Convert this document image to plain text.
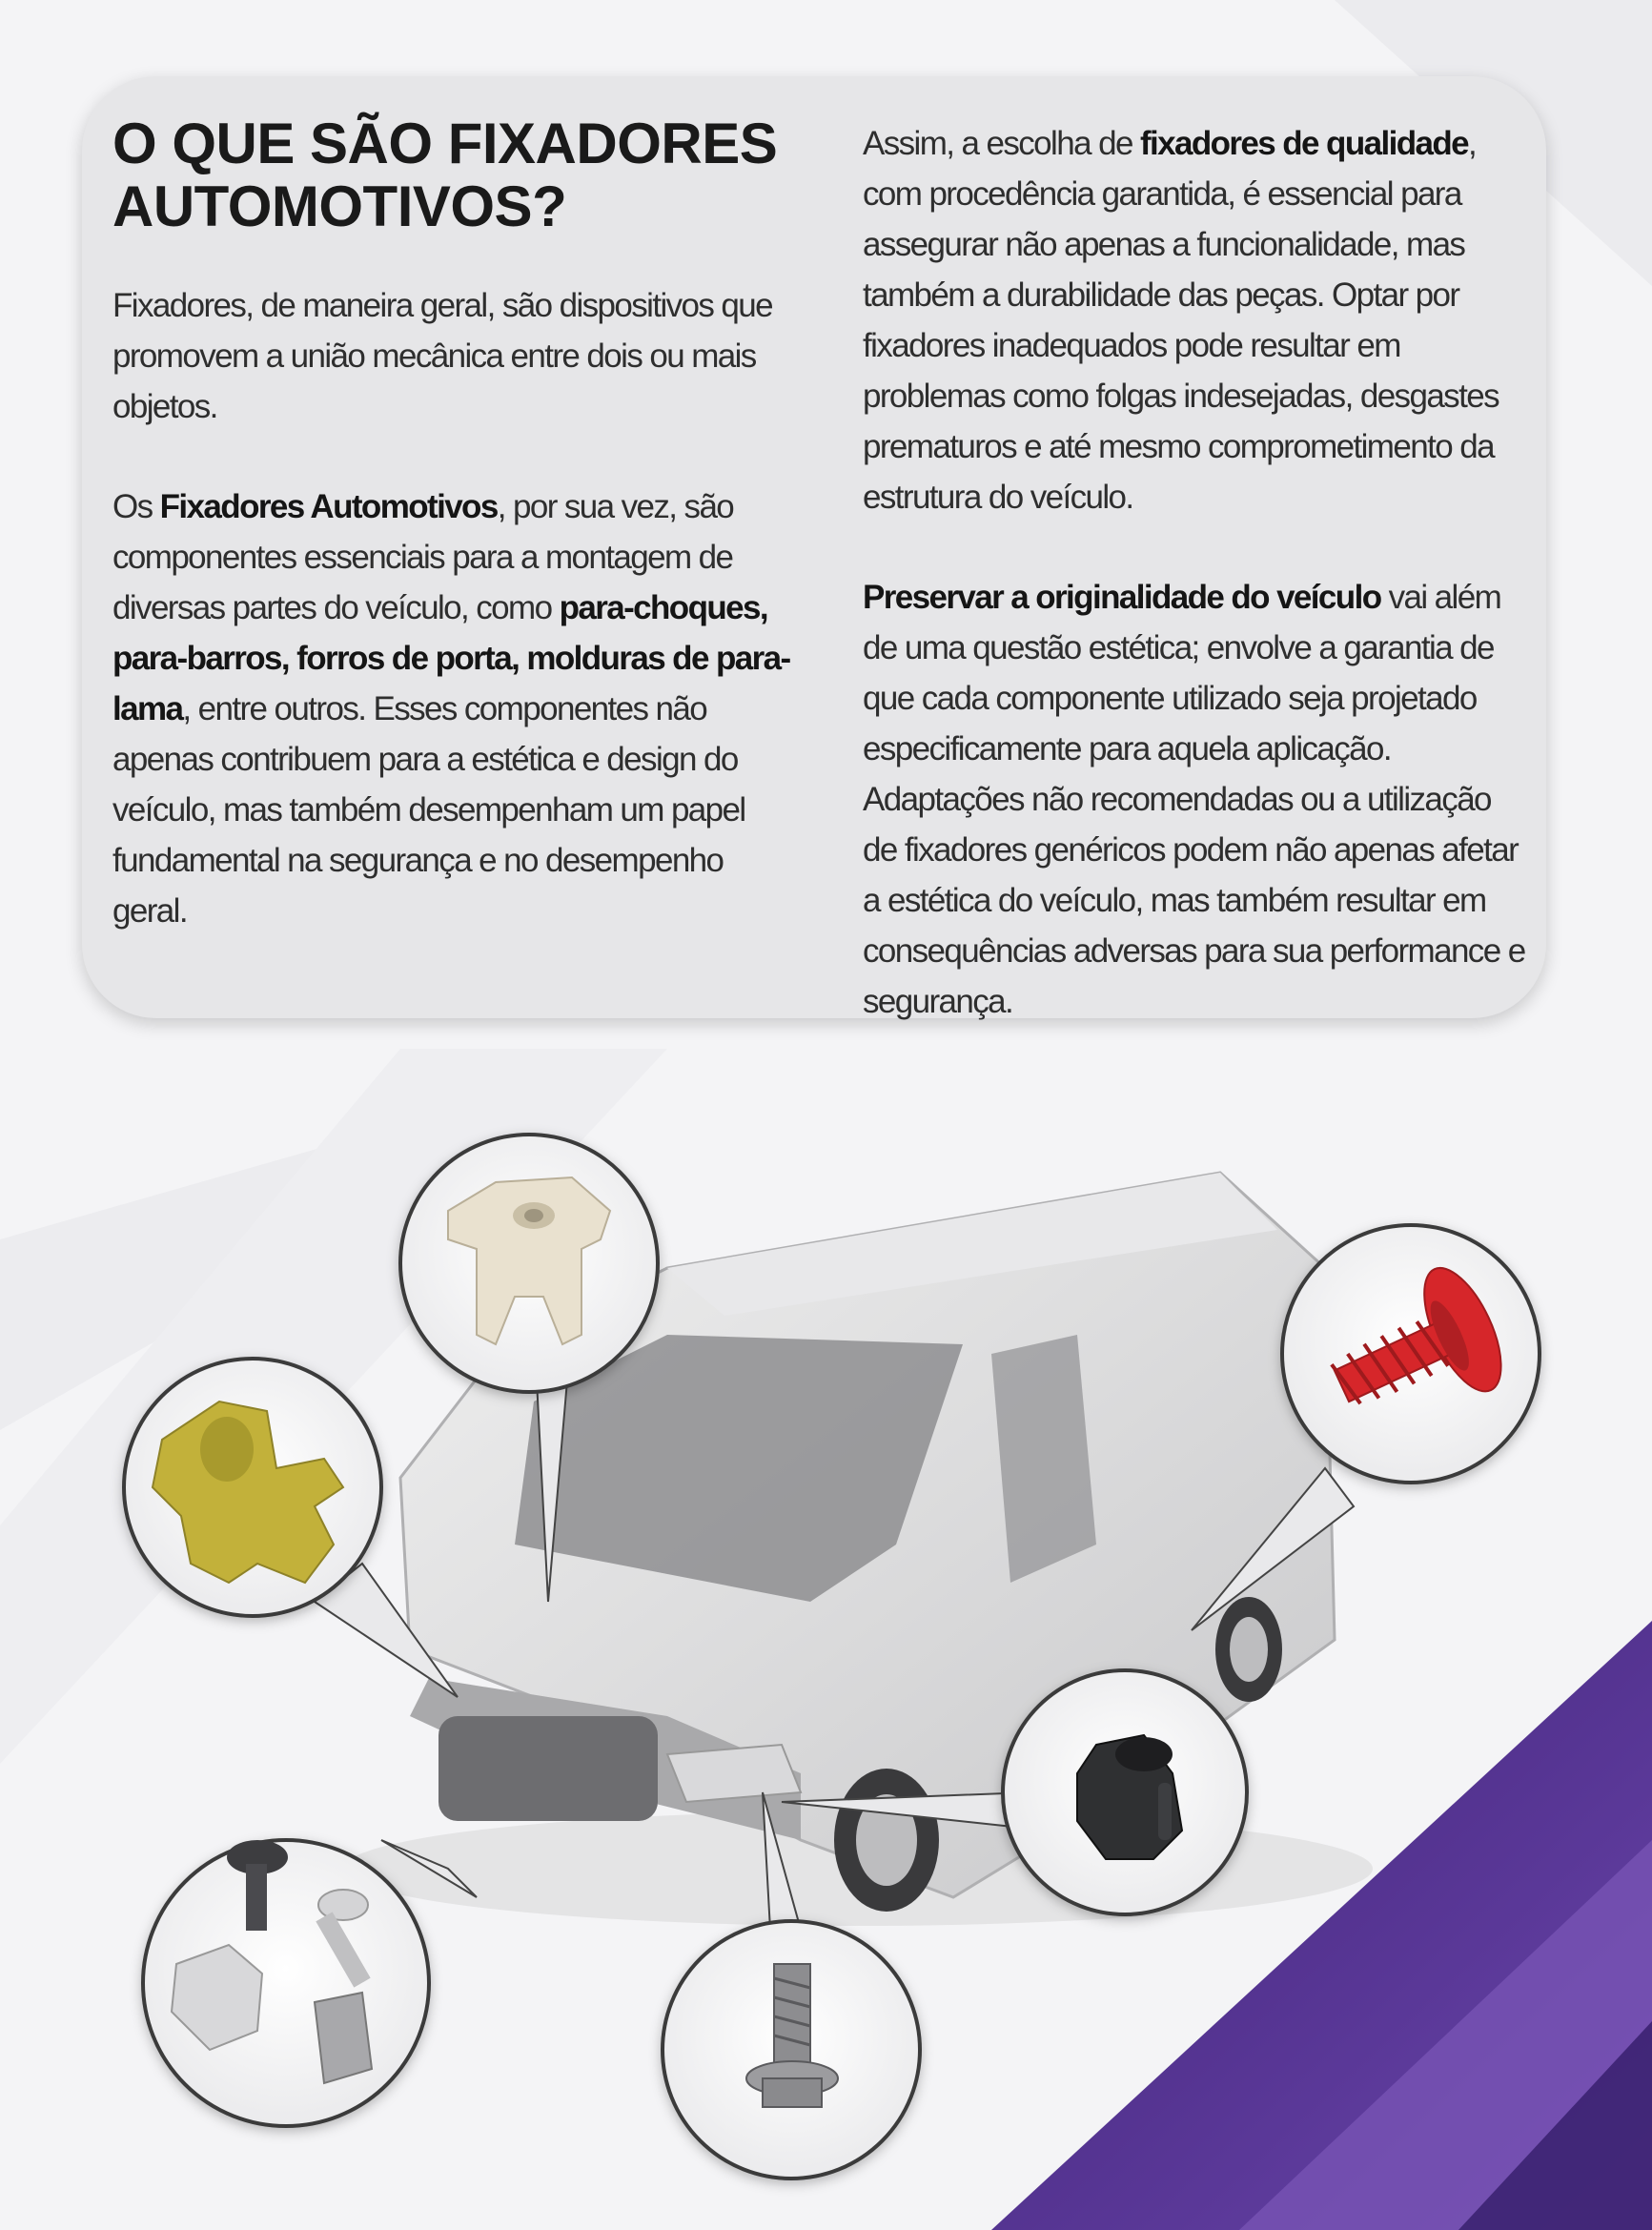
O QUE SÃO FIXADORES AUTOMOTIVOS?

Fixadores, de maneira geral, são dispositivos que promovem a união mecânica entre dois ou mais objetos.

Os Fixadores Automotivos, por sua vez, são componentes essenciais para a montagem de diversas partes do veículo, como para-choques, para-barros, forros de porta, molduras de para-lama, entre outros. Esses componentes não apenas contribuem para a estética e design do veículo, mas também desempenham um papel fundamental na segurança e no desempenho geral.

Assim, a escolha de fixadores de qualidade, com procedência garantida, é essencial para assegurar não apenas a funcionalidade, mas também a durabilidade das peças. Optar por fixadores inadequados pode resultar em problemas como folgas indesejadas, desgastes prematuros e até mesmo comprometimento da estrutura do veículo.

Preservar a originalidade do veículo vai além de uma questão estética; envolve a garantia de que cada componente utilizado seja projetado especificamente para aquela aplicação. Adaptações não recomendadas ou a utilização de fixadores genéricos podem não apenas afetar a estética do veículo, mas também resultar em consequências adversas para sua performance e segurança.
